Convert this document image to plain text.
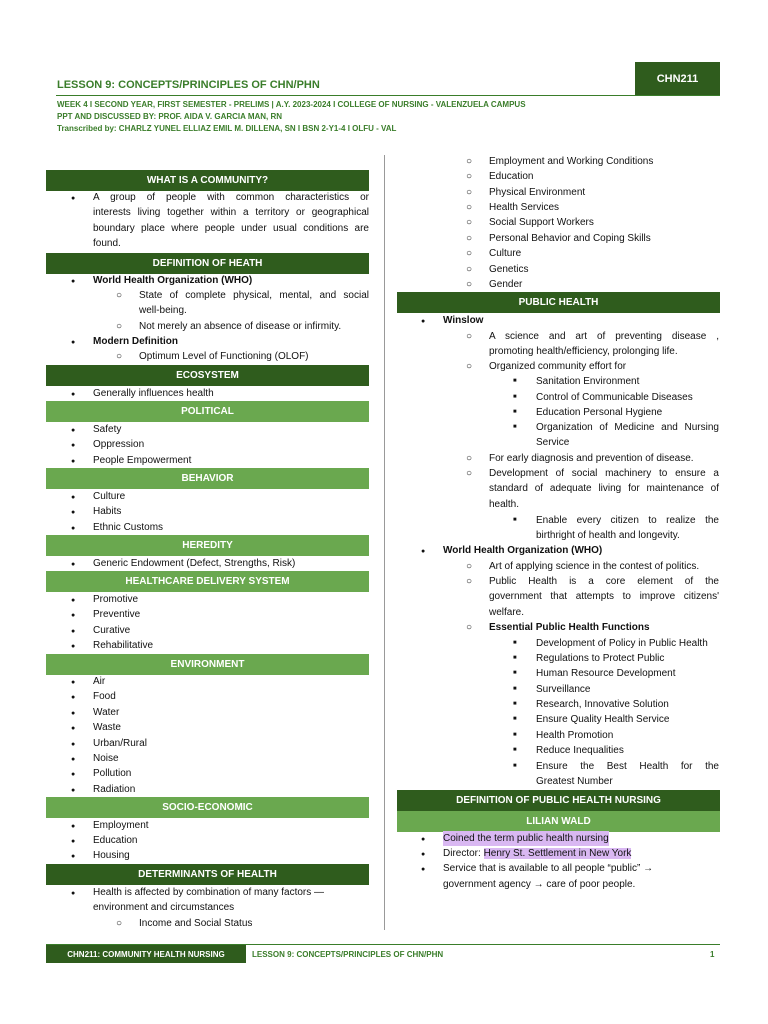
LESSON 9: CONCEPTS/PRINCIPLES OF CHN/PHN
CHN211
WEEK 4 I SECOND YEAR, FIRST SEMESTER - PRELIMS | A.Y. 2023-2024 I COLLEGE OF NURSING - VALENZUELA CAMPUS
PPT AND DISCUSSED BY: PROF. AIDA V. GARCIA MAN, RN
Transcribed by: CHARLZ YUNEL ELLIAZ EMIL M. DILLENA, SN I BSN 2-Y1-4 I OLFU - VAL
WHAT IS A COMMUNITY?
● A group of people with common characteristics or
interests living together within a territory or geographical
boundary place where people under usual conditions are
found.
DEFINITION OF HEATH
● World Health Organization (WHO)
○ State of complete physical, mental, and social
well-being.
○ Not merely an absence of disease or infirmity.
● Modern Definition
○ Optimum Level of Functioning (OLOF)
ECOSYSTEM
● Generally influences health
POLITICAL
● Safety
● Oppression
● People Empowerment
BEHAVIOR
● Culture
● Habits
● Ethnic Customs
HEREDITY
● Generic Endowment (Defect, Strengths, Risk)
HEALTHCARE DELIVERY SYSTEM
● Promotive
● Preventive
● Curative
● Rehabilitative
ENVIRONMENT
● Air
● Food
● Water
● Waste
● Urban/Rural
● Noise
● Pollution
● Radiation
SOCIO-ECONOMIC
● Employment
● Education
● Housing
DETERMINANTS OF HEALTH
● Health is affected by combination of many factors —
environment and circumstances
○ Income and Social Status
○ Employment and Working Conditions
○ Education
○ Physical Environment
○ Health Services
○ Social Support Workers
○ Personal Behavior and Coping Skills
○ Culture
○ Genetics
○ Gender
PUBLIC HEALTH
● Winslow
○ A science and art of preventing disease ,
promoting health/efficiency, prolonging life.
○ Organized community effort for
■ Sanitation Environment
■ Control of Communicable Diseases
■ Education Personal Hygiene
■ Organization of Medicine and Nursing
Service
○ For early diagnosis and prevention of disease.
○ Development of social machinery to ensure a
standard of adequate living for maintenance of
health.
■ Enable every citizen to realize the
birthright of health and longevity.
● World Health Organization (WHO)
○ Art of applying science in the contest of politics.
○ Public Health is a core element of the
government that attempts to improve citizens'
welfare.
○ Essential Public Health Functions
■ Development of Policy in Public Health
■ Regulations to Protect Public
■ Human Resource Development
■ Surveillance
■ Research, Innovative Solution
■ Ensure Quality Health Service
■ Health Promotion
■ Reduce Inequalities
■ Ensure the Best Health for the
Greatest Number
DEFINITION OF PUBLIC HEALTH NURSING
LILIAN WALD
● Coined the term public health nursing
● Director: Henry St. Settlement in New York
● Service that is available to all people “public” →
government agency → care of poor people.
CHN211: COMMUNITY HEALTH NURSING	LESSON 9: CONCEPTS/PRINCIPLES OF CHN/PHN	1
